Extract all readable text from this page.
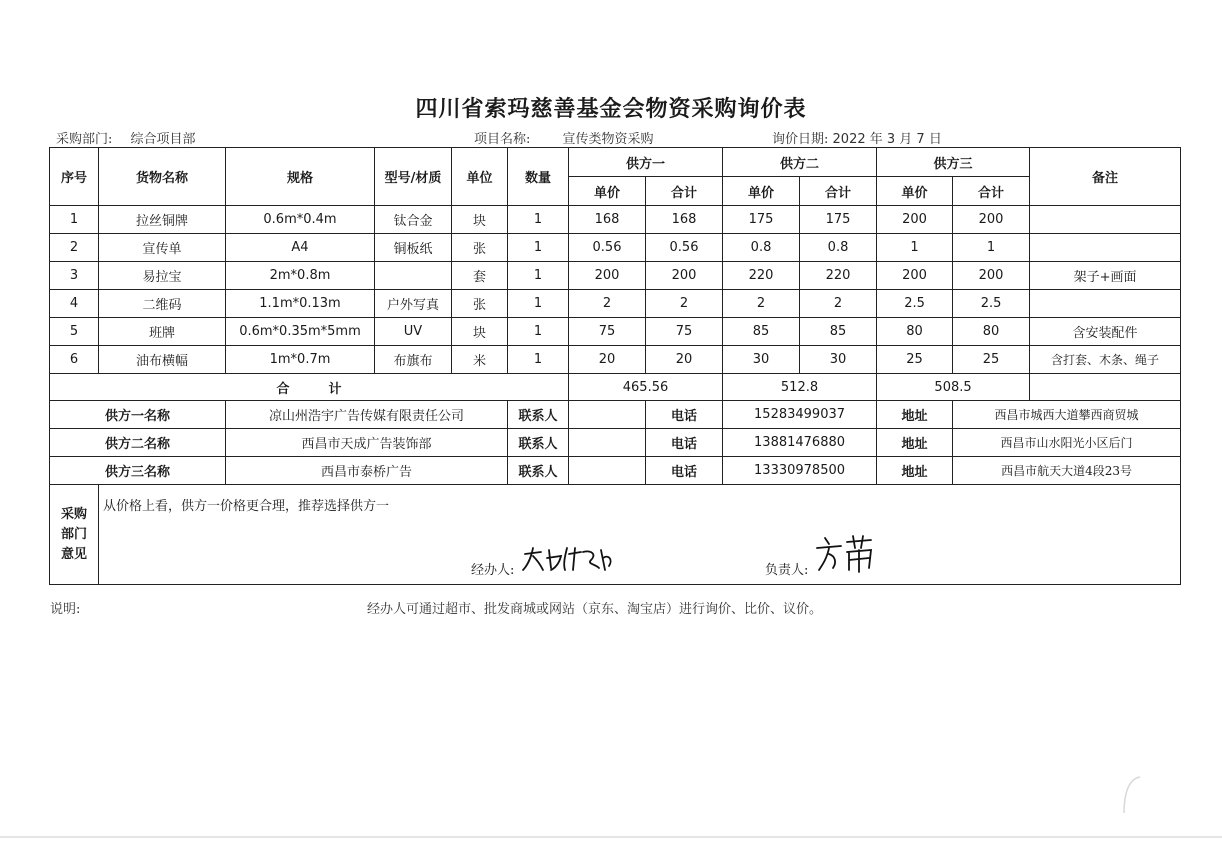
四川省索玛慈善基金会物资采购询价表
采购部门: 综合项目部	项目名称: 宣传类物资采购	询价日期: 2022 年 3 月 7 日
序号	货物名称	规格	型号/材质	单位	数量	供方一		供方二		供方三		备注
						单价	合计	单价	合计	单价	合计	
1	拉丝铜牌	0.6m*0.4m	钛合金	块	1	168	168	175	175	200	200	
2	宣传单	A4	铜板纸	张	1	0.56	0.56	0.8	0.8	1	1	
3	易拉宝	2m*0.8m		套	1	200	200	220	220	200	200	架子+画面
4	二维码	1.1m*0.13m	户外写真	张	1	2	2	2	2	2.5	2.5	
5	班牌	0.6m*0.35m*5mm	UV	块	1	75	75	85	85	80	80	含安装配件
6	油布横幅	1m*0.7m	布旗布	米	1	20	20	30	30	25	25	含打套、木条、绳子
合　　　计						465.56		512.8		508.5		
供方一名称		凉山州浩宇广告传媒有限责任公司			联系人		电话	15283499037		地址	西昌市城西大道攀西商贸城	
供方二名称		西昌市天成广告装饰部			联系人		电话	13881476880		地址	西昌市山水阳光小区后门	
供方三名称		西昌市泰桥广告			联系人		电话	13330978500		地址	西昌市航天大道4段23号	
采购部门意见	从价格上看，供方一价格更合理，推荐选择供方一
经办人: 负责人:											
说明:	经办人可通过超市、批发商城或网站（京东、淘宝店）进行询价、比价、议价。
